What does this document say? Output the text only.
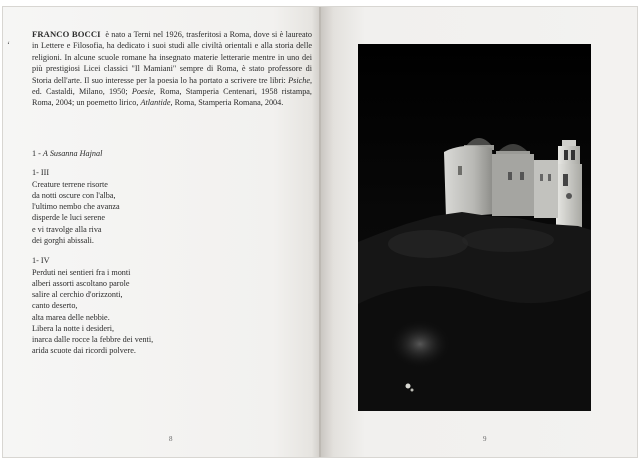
‘

FRANCO BOCCI è nato a Terni nel 1926, trasferitosi a Roma, dove si è laureato in Lettere e Filosofia, ha dedicato i suoi studi alle civiltà orientali e alla storia delle religioni. In alcune scuole romane ha insegnato materie letterarie mentre in uno dei più prestigiosi Licei classici "Il Mamiani" sempre di Roma, è stato professore di Storia dell'arte. Il suo interesse per la poesia lo ha portato a scrivere tre libri: Psiche, ed. Castaldi, Milano, 1950; Poesie, Roma, Stamperia Centenari, 1958 ristampa, Roma, 2004; un poemetto lirico, Atlantide, Roma, Stamperia Romana, 2004.

1 - A Susanna Hajnal

1- III
Creature terrene risorte
da notti oscure con l'alba,
l'ultimo nembo che avanza
disperde le luci serene
e vi travolge alla riva
dei gorghi abissali.
1- IV
Perduti nei sentieri fra i monti
alberi assorti ascoltano parole
salire al cerchio d'orizzonti,
canto deserto,
alta marea delle nebbie.
Libera la notte i desideri,
inarca dalle rocce la febbre dei venti,
arida scuote dai ricordi polvere.
8	9
